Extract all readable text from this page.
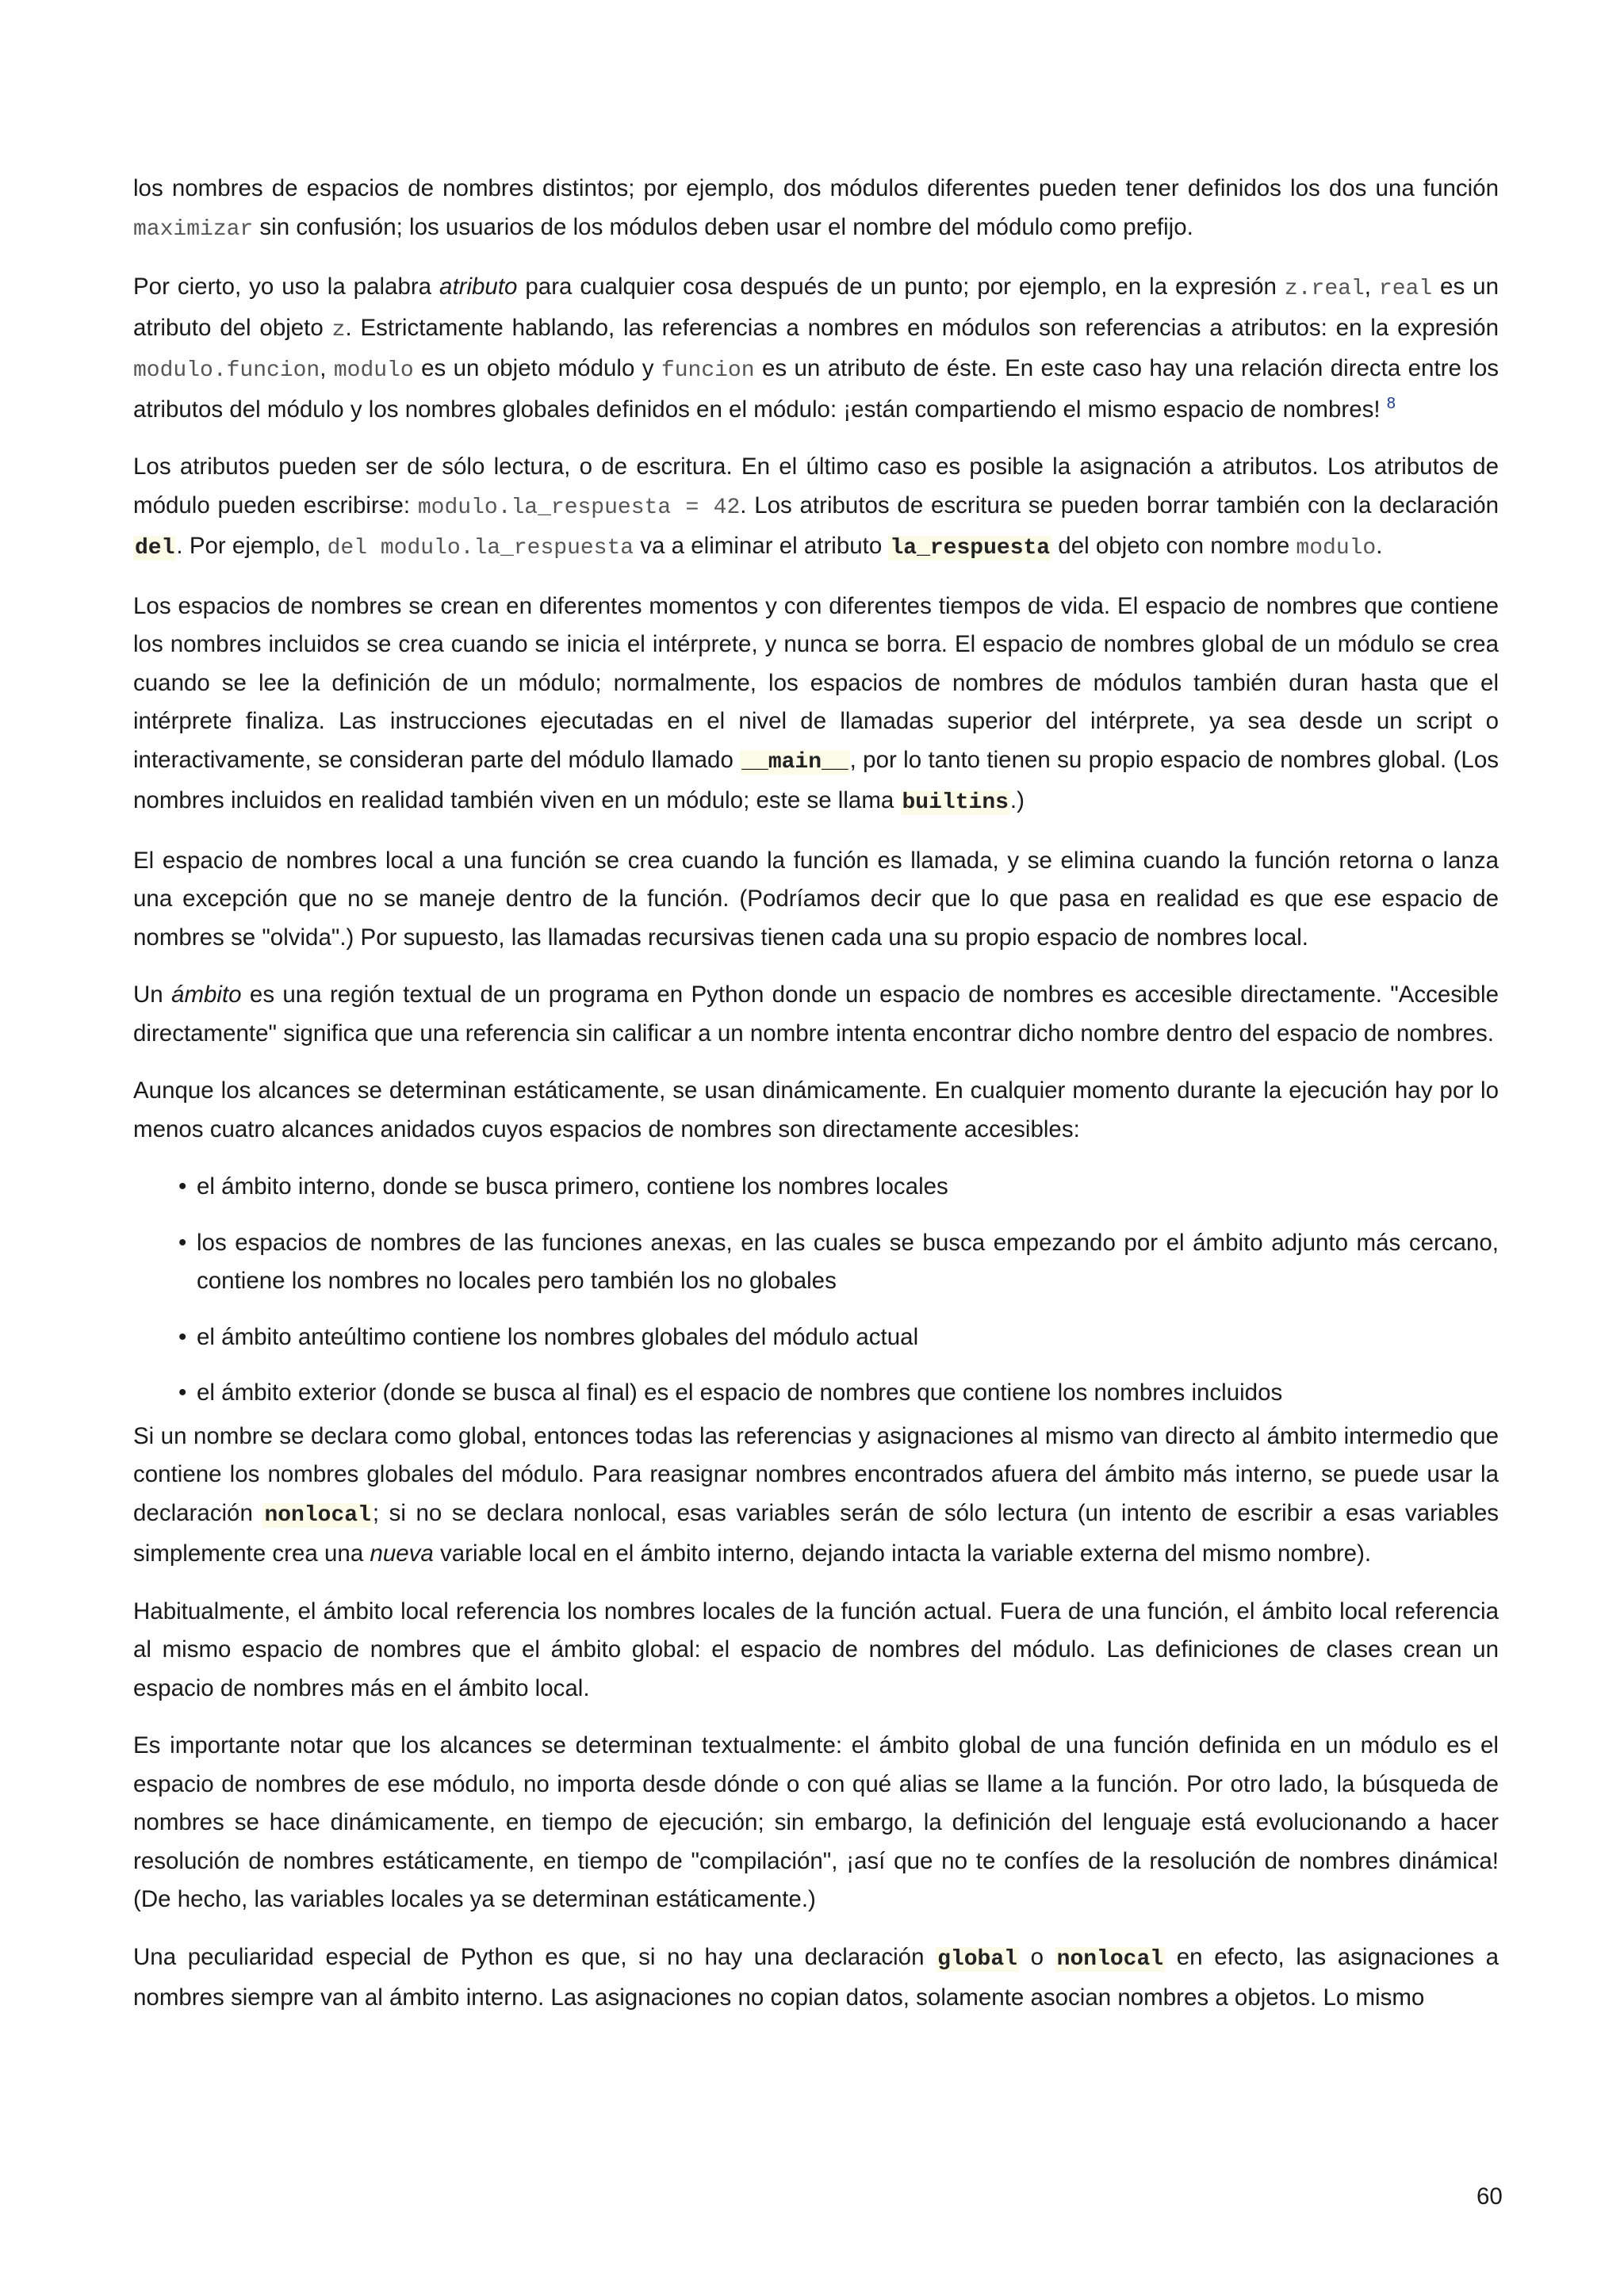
los nombres de espacios de nombres distintos; por ejemplo, dos módulos diferentes pueden tener definidos los dos una función maximizar sin confusión; los usuarios de los módulos deben usar el nombre del módulo como prefijo.

Por cierto, yo uso la palabra atributo para cualquier cosa después de un punto; por ejemplo, en la expresión z.real, real es un atributo del objeto z. Estrictamente hablando, las referencias a nombres en módulos son referencias a atributos: en la expresión modulo.funcion, modulo es un objeto módulo y funcion es un atributo de éste. En este caso hay una relación directa entre los atributos del módulo y los nombres globales definidos en el módulo: ¡están compartiendo el mismo espacio de nombres! $^8$

Los atributos pueden ser de sólo lectura, o de escritura. En el último caso es posible la asignación a atributos. Los atributos de módulo pueden escribirse: modulo.la_respuesta = 42. Los atributos de escritura se pueden borrar también con la declaración del. Por ejemplo, del modulo.la_respuesta va a eliminar el atributo la_respuesta del objeto con nombre modulo.

Los espacios de nombres se crean en diferentes momentos y con diferentes tiempos de vida. El espacio de nombres que contiene los nombres incluidos se crea cuando se inicia el intérprete, y nunca se borra. El espacio de nombres global de un módulo se crea cuando se lee la definición de un módulo; normalmente, los espacios de nombres de módulos también duran hasta que el intérprete finaliza. Las instrucciones ejecutadas en el nivel de llamadas superior del intérprete, ya sea desde un script o interactivamente, se consideran parte del módulo llamado __main__, por lo tanto tienen su propio espacio de nombres global. (Los nombres incluidos en realidad también viven en un módulo; este se llama builtins.)

El espacio de nombres local a una función se crea cuando la función es llamada, y se elimina cuando la función retorna o lanza una excepción que no se maneje dentro de la función. (Podríamos decir que lo que pasa en realidad es que ese espacio de nombres se "olvida".) Por supuesto, las llamadas recursivas tienen cada una su propio espacio de nombres local.

Un ámbito es una región textual de un programa en Python donde un espacio de nombres es accesible directamente. "Accesible directamente" significa que una referencia sin calificar a un nombre intenta encontrar dicho nombre dentro del espacio de nombres.

Aunque los alcances se determinan estáticamente, se usan dinámicamente. En cualquier momento durante la ejecución hay por lo menos cuatro alcances anidados cuyos espacios de nombres son directamente accesibles:

• el ámbito interno, donde se busca primero, contiene los nombres locales
• los espacios de nombres de las funciones anexas, en las cuales se busca empezando por el ámbito adjunto más cercano, contiene los nombres no locales pero también los no globales
• el ámbito anteúltimo contiene los nombres globales del módulo actual
• el ámbito exterior (donde se busca al final) es el espacio de nombres que contiene los nombres incluidos

Si un nombre se declara como global, entonces todas las referencias y asignaciones al mismo van directo al ámbito intermedio que contiene los nombres globales del módulo. Para reasignar nombres encontrados afuera del ámbito más interno, se puede usar la declaración nonlocal; si no se declara nonlocal, esas variables serán de sólo lectura (un intento de escribir a esas variables simplemente crea una nueva variable local en el ámbito interno, dejando intacta la variable externa del mismo nombre).

Habitualmente, el ámbito local referencia los nombres locales de la función actual. Fuera de una función, el ámbito local referencia al mismo espacio de nombres que el ámbito global: el espacio de nombres del módulo. Las definiciones de clases crean un espacio de nombres más en el ámbito local.

Es importante notar que los alcances se determinan textualmente: el ámbito global de una función definida en un módulo es el espacio de nombres de ese módulo, no importa desde dónde o con qué alias se llame a la función. Por otro lado, la búsqueda de nombres se hace dinámicamente, en tiempo de ejecución; sin embargo, la definición del lenguaje está evolucionando a hacer resolución de nombres estáticamente, en tiempo de "compilación", ¡así que no te confíes de la resolución de nombres dinámica! (De hecho, las variables locales ya se determinan estáticamente.)

Una peculiaridad especial de Python es que, si no hay una declaración global o nonlocal en efecto, las asignaciones a nombres siempre van al ámbito interno. Las asignaciones no copian datos, solamente asocian nombres a objetos. Lo mismo

60
